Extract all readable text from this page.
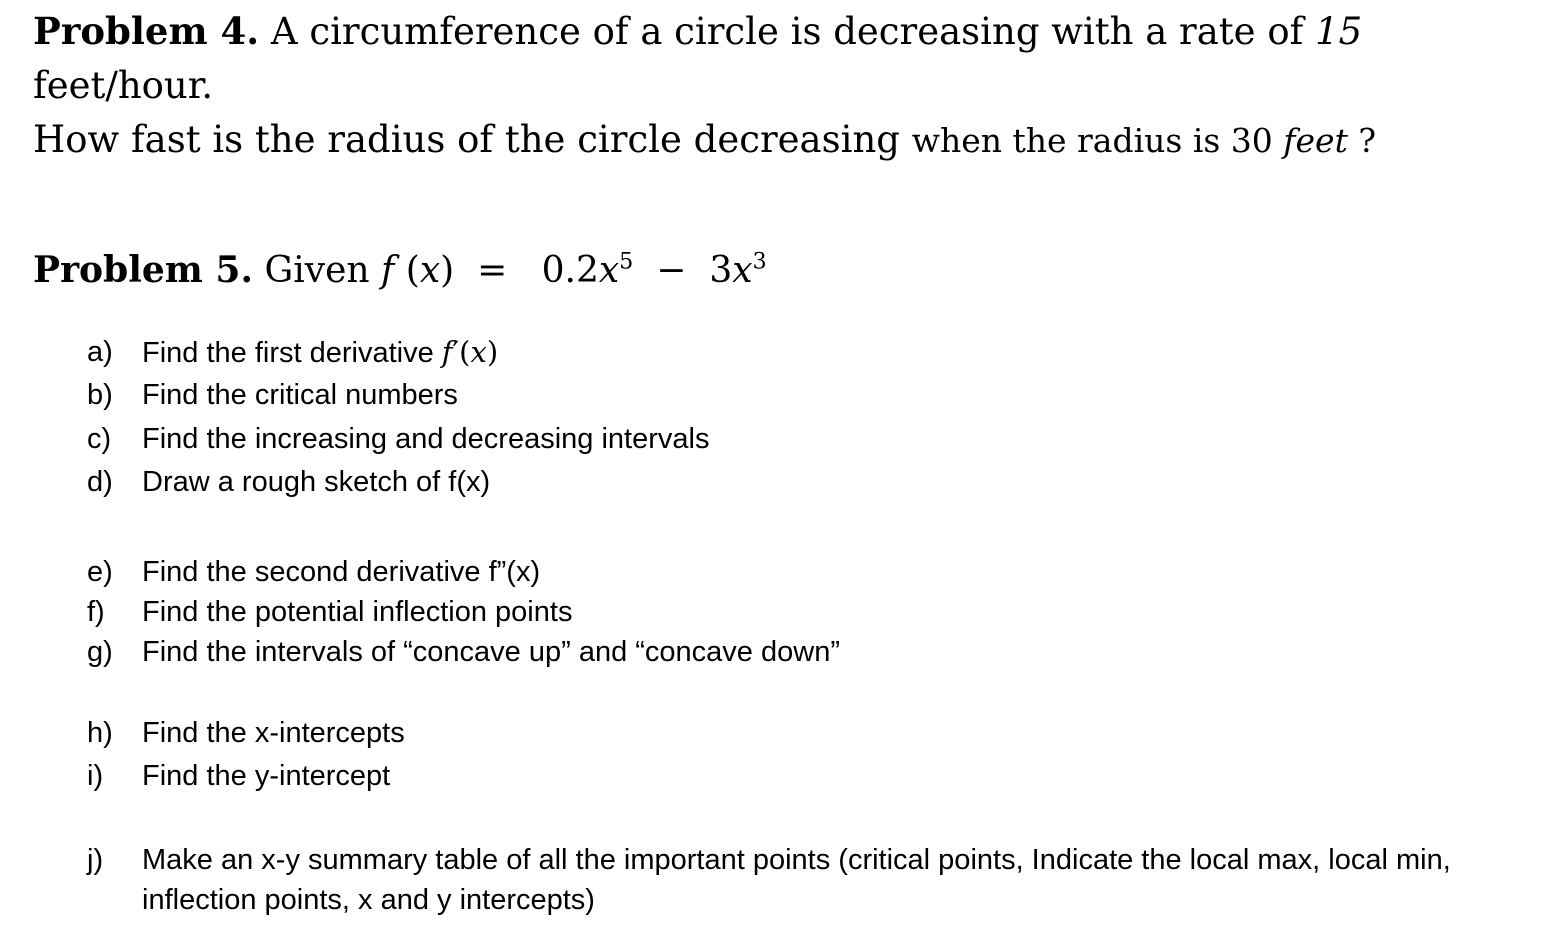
Problem 4. A circumference of a circle is decreasing with a rate of 15 feet/hour.
How fast is the radius of the circle decreasing when the radius is 30 feet ?
Problem 5. Given f $(x) = 0.2x^5 - 3x^3$
a) Find the first derivative f′(x)
b) Find the critical numbers
c) Find the increasing and decreasing intervals
d) Draw a rough sketch of f(x)
e) Find the second derivative f”(x)
f) Find the potential inflection points
g) Find the intervals of “concave up” and “concave down”
h) Find the x-intercepts
i) Find the y-intercept
j) Make an x-y summary table of all the important points (critical points, Indicate the local max, local min, inflection points, x and y intercepts)
